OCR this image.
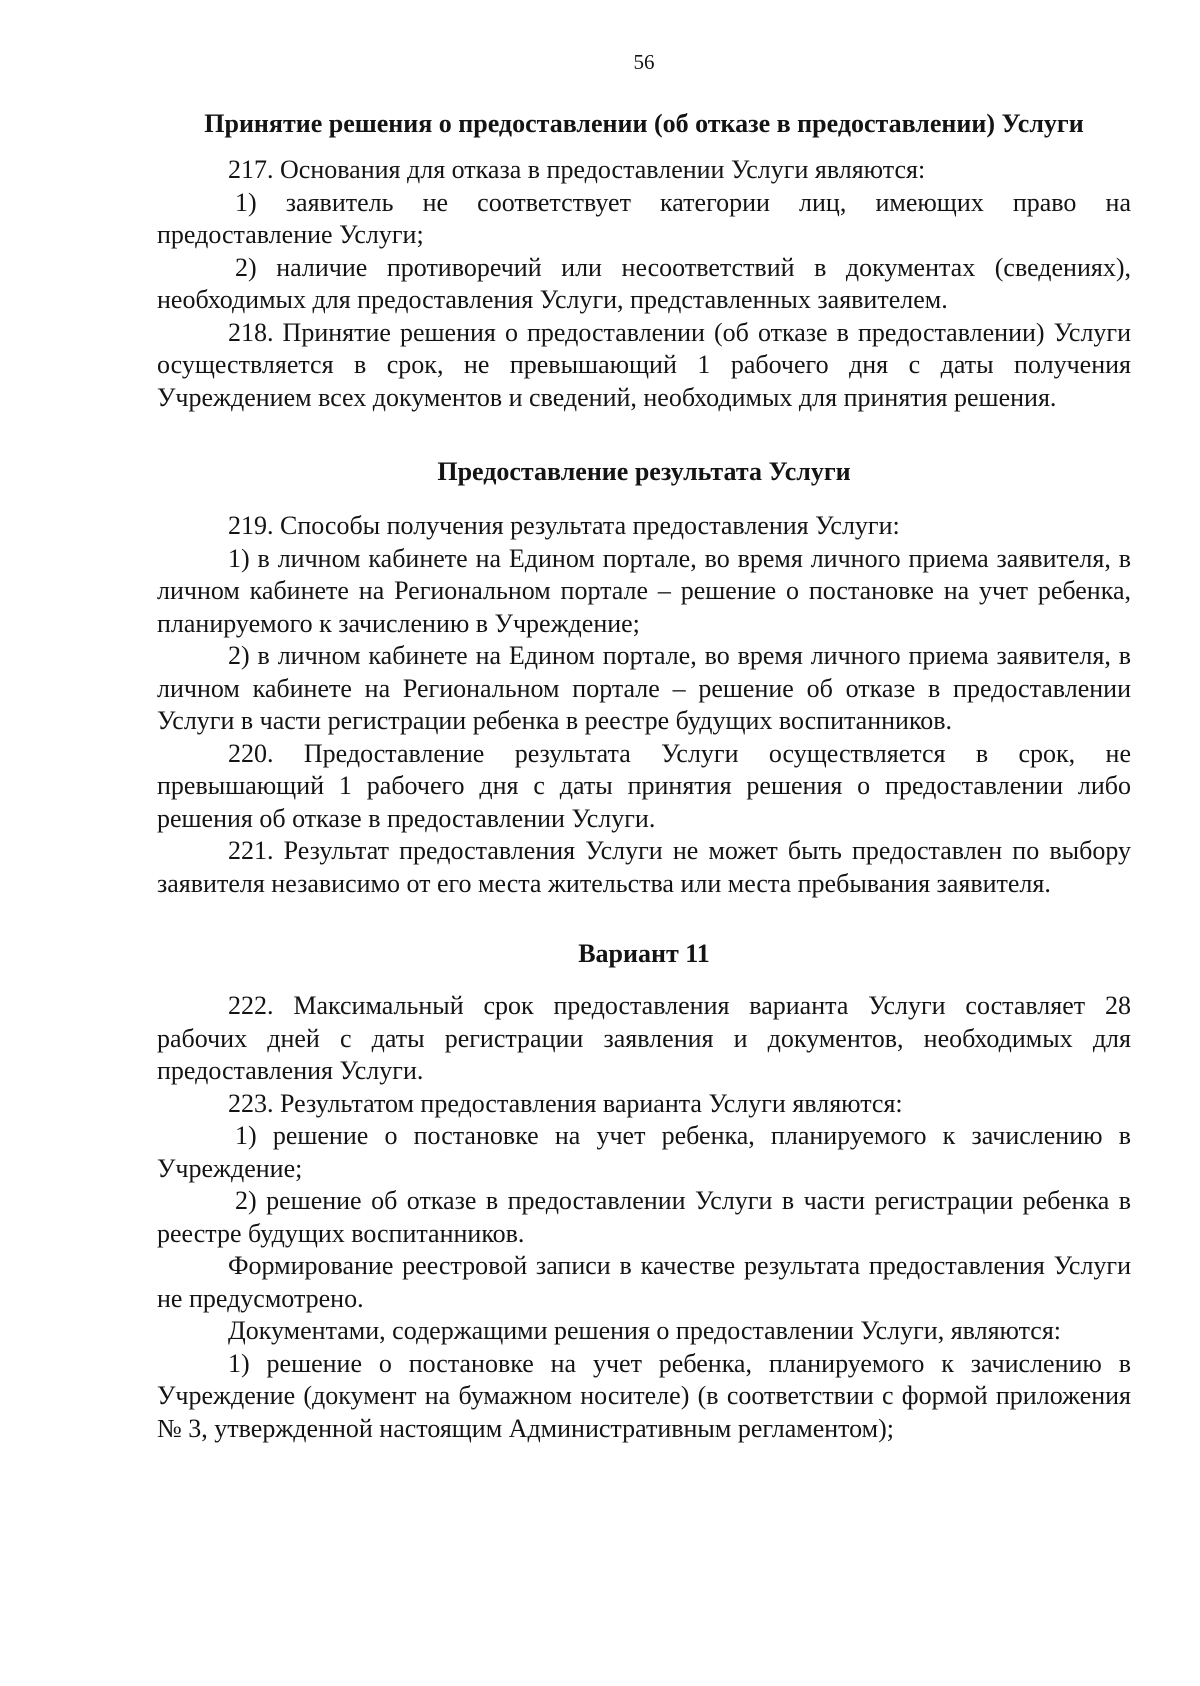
56
Принятие решения о предоставлении (об отказе в предоставлении) Услуги

217. Основания для отказа в предоставлении Услуги являются:

1) заявитель не соответствует категории лиц, имеющих право на предоставление Услуги;

2) наличие противоречий или несоответствий в документах (сведениях), необходимых для предоставления Услуги, представленных заявителем.

218. Принятие решения о предоставлении (об отказе в предоставлении) Услуги осуществляется в срок, не превышающий 1 рабочего дня с даты получения Учреждением всех документов и сведений, необходимых для принятия решения.

Предоставление результата Услуги

219. Способы получения результата предоставления Услуги:

1) в личном кабинете на Едином портале, во время личного приема заявителя, в личном кабинете на Региональном портале – решение о постановке на учет ребенка, планируемого к зачислению в Учреждение;

2) в личном кабинете на Едином портале, во время личного приема заявителя, в личном кабинете на Региональном портале – решение об отказе в предоставлении Услуги в части регистрации ребенка в реестре будущих воспитанников.

220. Предоставление результата Услуги осуществляется в срок, не превышающий 1 рабочего дня с даты принятия решения о предоставлении либо решения об отказе в предоставлении Услуги.

221. Результат предоставления Услуги не может быть предоставлен по выбору заявителя независимо от его места жительства или места пребывания заявителя.

Вариант 11

222. Максимальный срок предоставления варианта Услуги составляет 28 рабочих дней с даты регистрации заявления и документов, необходимых для предоставления Услуги.

223. Результатом предоставления варианта Услуги являются:

1) решение о постановке на учет ребенка, планируемого к зачислению в Учреждение;

2) решение об отказе в предоставлении Услуги в части регистрации ребенка в реестре будущих воспитанников.

Формирование реестровой записи в качестве результата предоставления Услуги не предусмотрено.

Документами, содержащими решения о предоставлении Услуги, являются:

1) решение о постановке на учет ребенка, планируемого к зачислению в Учреждение (документ на бумажном носителе) (в соответствии с формой приложения № 3, утвержденной настоящим Административным регламентом);
